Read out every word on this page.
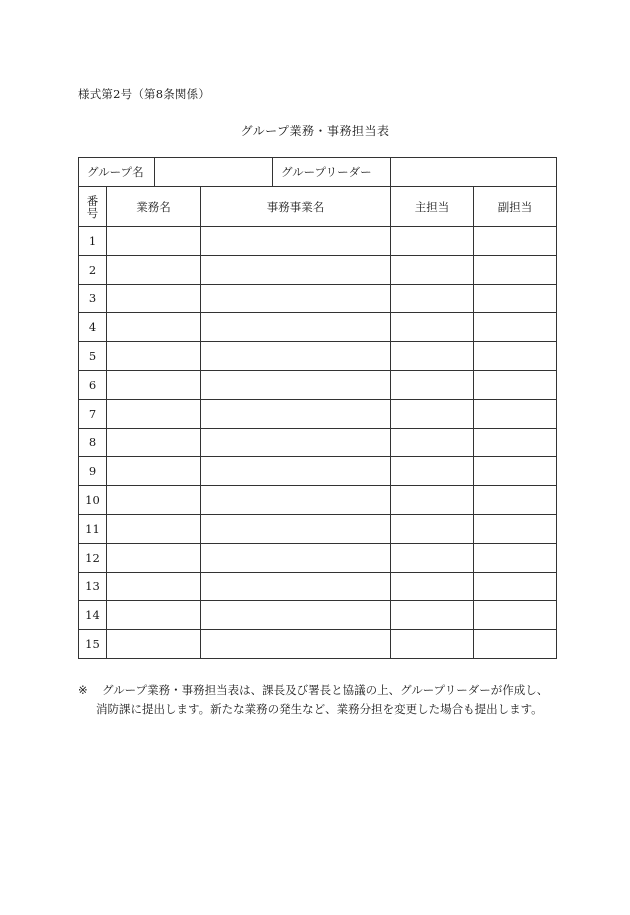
様式第2号（第8条関係）
グループ業務・事務担当表
グループ名				グループリーダー		
番
号	業務名		事務事業名		主担当	副担当
1						
2						
3						
4						
5						
6						
7						
8						
9						
10						
11						
12						
13						
14						
15						
※	グループ業務・事務担当表は、課長及び署長と協議の上、グループリーダーが作成し、
消防課に提出します。新たな業務の発生など、業務分担を変更した場合も提出します。
